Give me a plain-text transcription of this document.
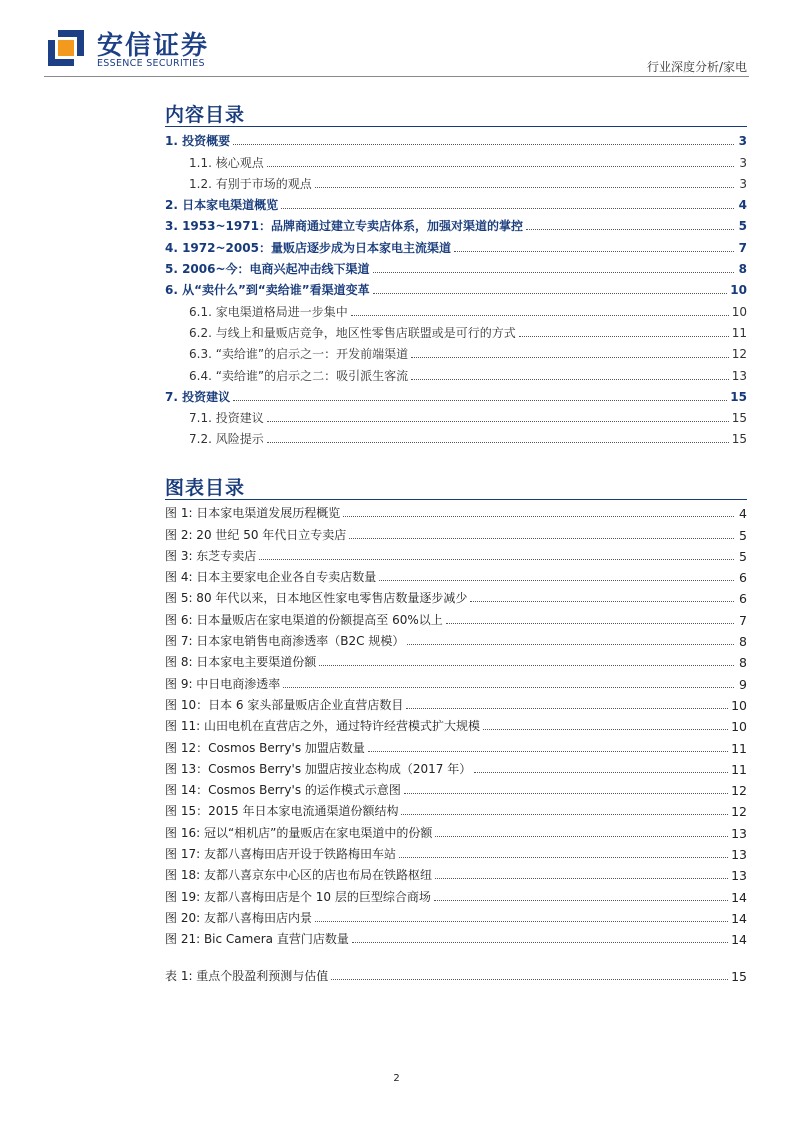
安信证券
ESSENCE SECURITIES	行业深度分析/家电
内容目录
1. 投资概要	3
1.1. 核心观点	3
1.2. 有别于市场的观点	3
2. 日本家电渠道概览	4
3. 1953~1971：品牌商通过建立专卖店体系，加强对渠道的掌控	5
4. 1972~2005：量贩店逐步成为日本家电主流渠道	7
5. 2006~今：电商兴起冲击线下渠道	8
6. 从“卖什么”到“卖给谁”看渠道变革	10
6.1. 家电渠道格局进一步集中	10
6.2. 与线上和量贩店竞争，地区性零售店联盟或是可行的方式	11
6.3. “卖给谁”的启示之一：开发前端渠道	12
6.4. “卖给谁”的启示之二：吸引派生客流	13
7. 投资建议	15
7.1. 投资建议	15
7.2. 风险提示	15
图表目录
图 1: 日本家电渠道发展历程概览	4
图 2: 20 世纪 50 年代日立专卖店	5
图 3: 东芝专卖店	5
图 4: 日本主要家电企业各自专卖店数量	6
图 5: 80 年代以来，日本地区性家电零售店数量逐步减少	6
图 6: 日本量贩店在家电渠道的份额提高至 60%以上	7
图 7: 日本家电销售电商渗透率（B2C 规模）	8
图 8: 日本家电主要渠道份额	8
图 9: 中日电商渗透率	9
图 10：日本 6 家头部量贩店企业直营店数目	10
图 11: 山田电机在直营店之外，通过特许经营模式扩大规模	10
图 12：Cosmos Berry's 加盟店数量	11
图 13：Cosmos Berry's 加盟店按业态构成（2017 年）	11
图 14：Cosmos Berry's 的运作模式示意图	12
图 15：2015 年日本家电流通渠道份额结构	12
图 16: 冠以“相机店”的量贩店在家电渠道中的份额	13
图 17: 友都八喜梅田店开设于铁路梅田车站	13
图 18: 友都八喜京东中心区的店也布局在铁路枢纽	13
图 19: 友都八喜梅田店是个 10 层的巨型综合商场	14
图 20: 友都八喜梅田店内景	14
图 21: Bic Camera 直营门店数量	14
表 1: 重点个股盈利预测与估值	15
2
